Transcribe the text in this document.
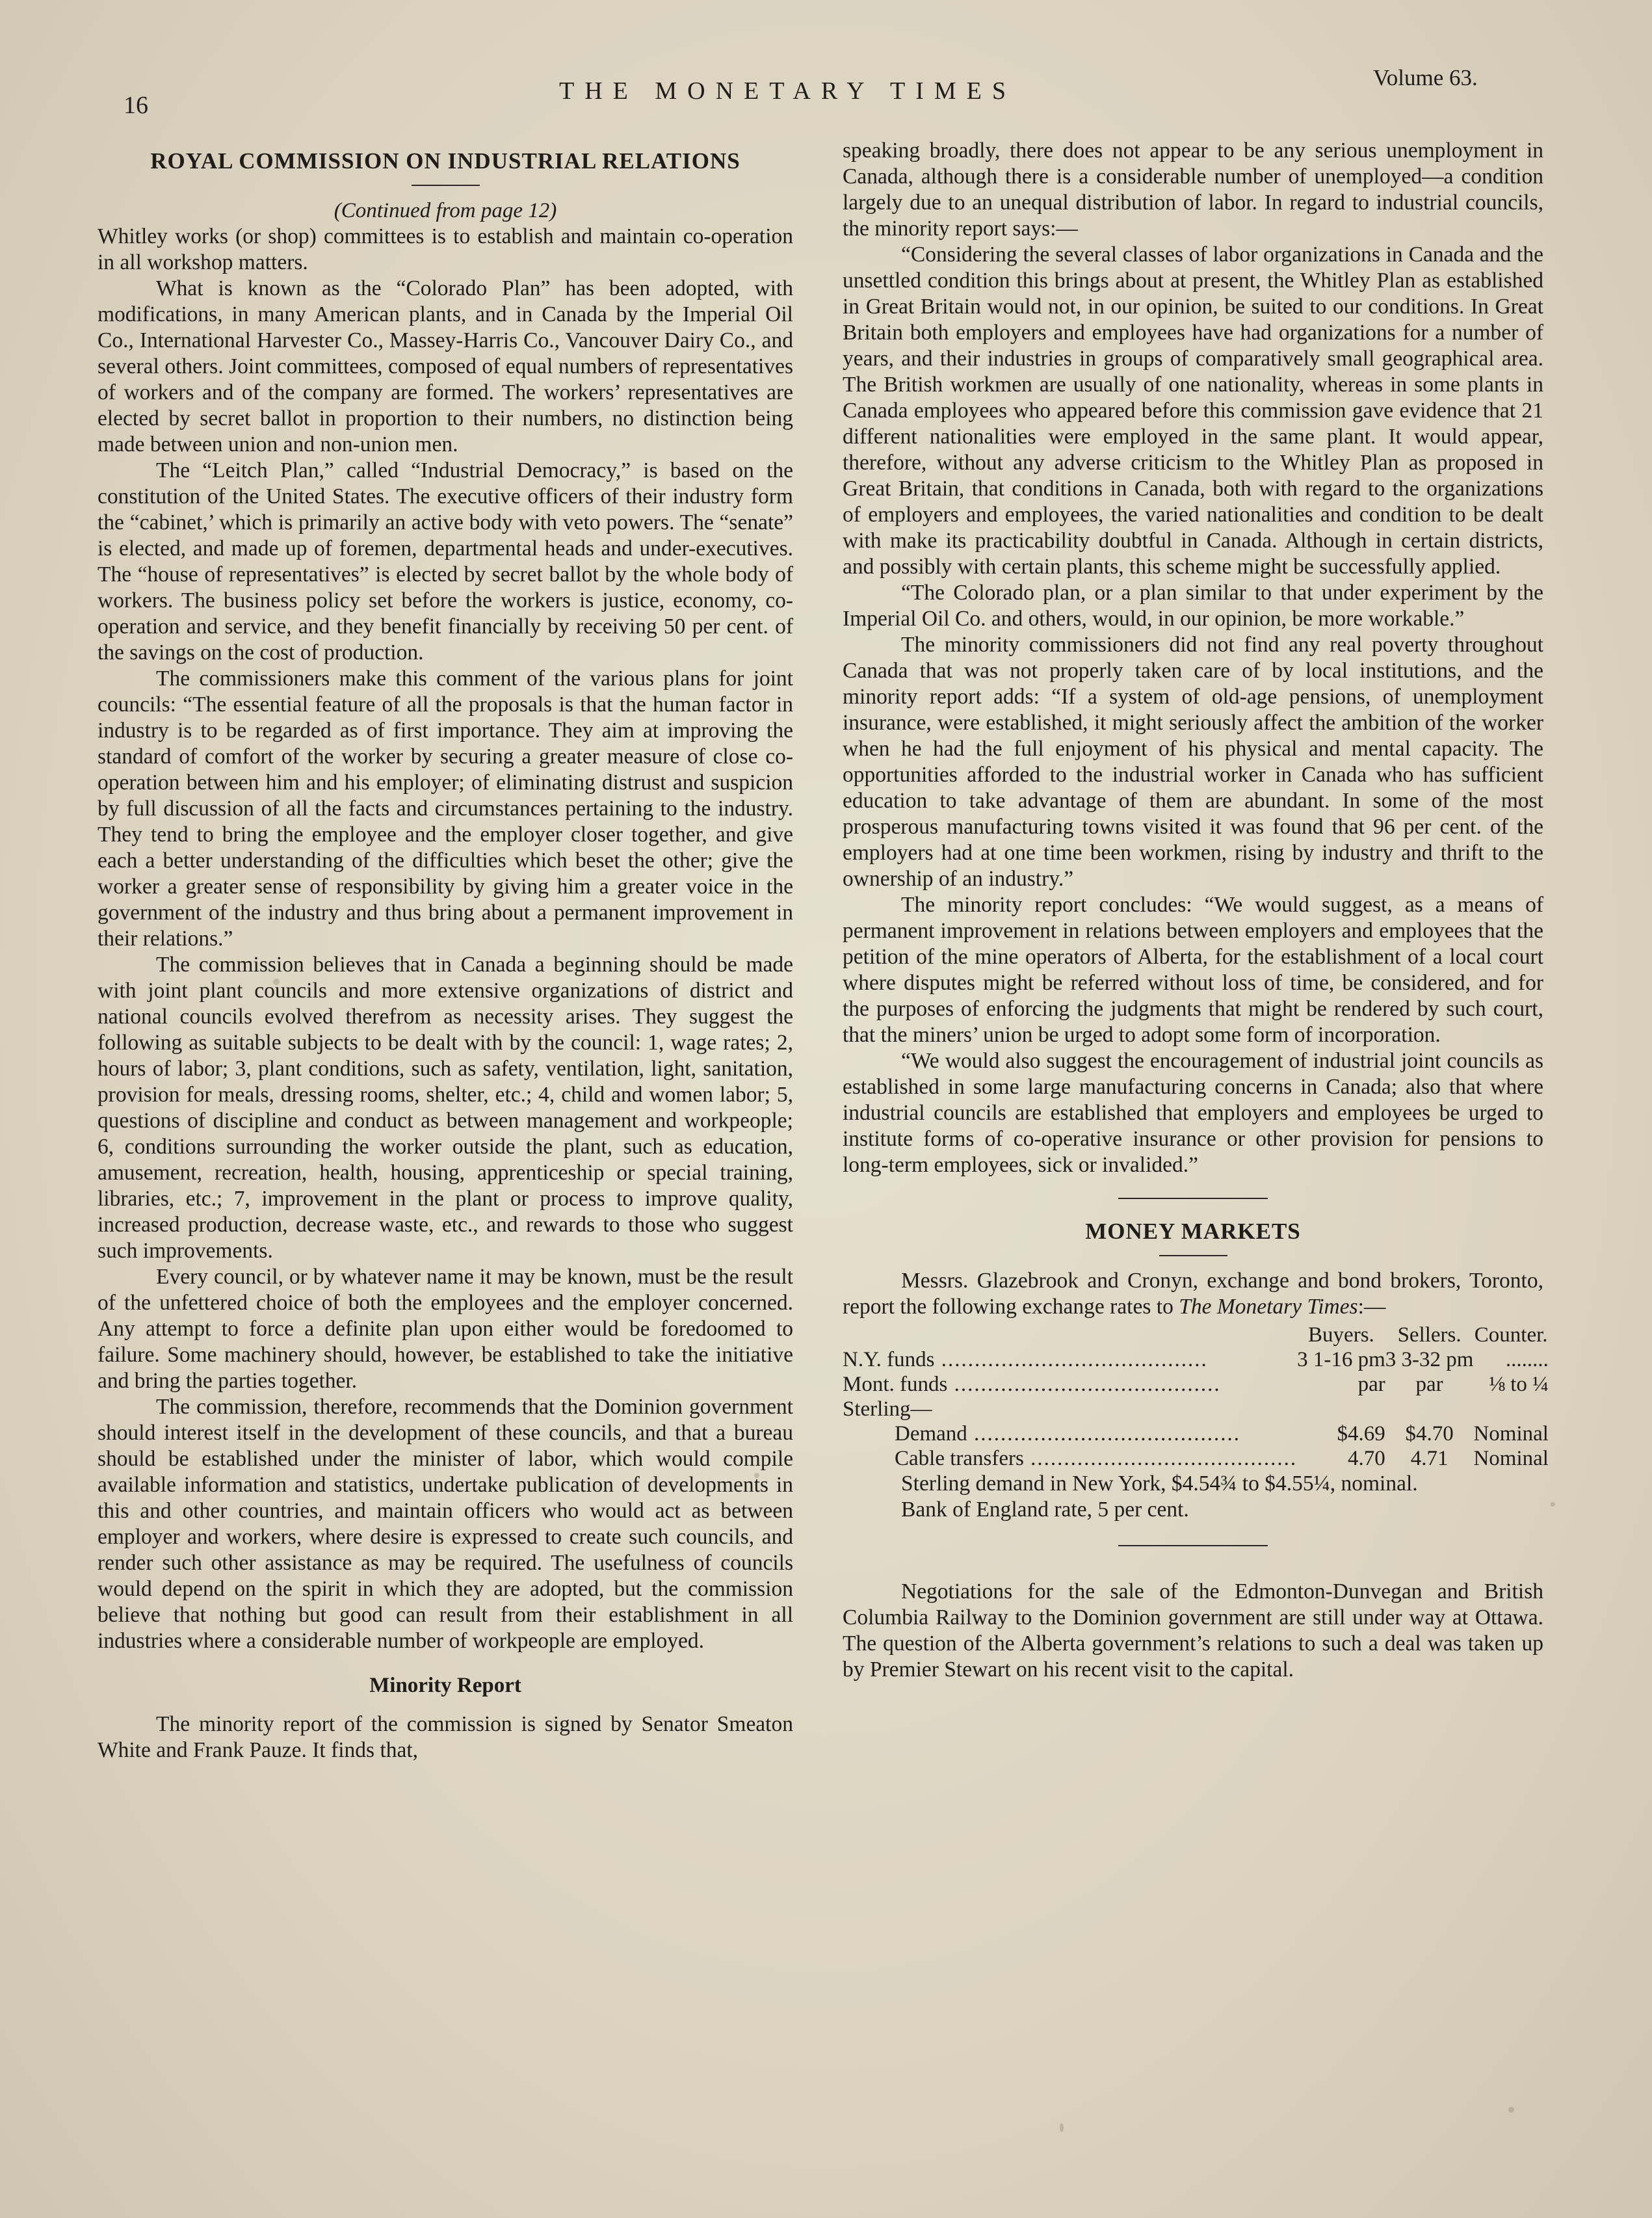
16
THE MONETARY TIMES	Volume 63.
ROYAL COMMISSION ON INDUSTRIAL RELATIONS

(Continued from page 12)

Whitley works (or shop) committees is to establish and maintain co-operation in all workshop matters.

What is known as the “Colorado Plan” has been adopted, with modifications, in many American plants, and in Canada by the Imperial Oil Co., International Harvester Co., Massey-Harris Co., Vancouver Dairy Co., and several others. Joint committees, composed of equal numbers of representatives of workers and of the company are formed. The workers’ representatives are elected by secret ballot in proportion to their numbers, no distinction being made between union and non-union men.

The “Leitch Plan,” called “Industrial Democracy,” is based on the constitution of the United States. The executive officers of their industry form the “cabinet,’ which is primarily an active body with veto powers. The “senate” is elected, and made up of foremen, departmental heads and under-executives. The “house of representatives” is elected by secret ballot by the whole body of workers. The business policy set before the workers is justice, economy, co-operation and service, and they benefit financially by receiving 50 per cent. of the savings on the cost of production.

The commissioners make this comment of the various plans for joint councils: “The essential feature of all the proposals is that the human factor in industry is to be regarded as of first importance. They aim at improving the standard of comfort of the worker by securing a greater measure of close co-operation between him and his employer; of eliminating distrust and suspicion by full discussion of all the facts and circumstances pertaining to the industry. They tend to bring the employee and the employer closer together, and give each a better understanding of the difficulties which beset the other; give the worker a greater sense of responsibility by giving him a greater voice in the government of the industry and thus bring about a permanent improvement in their relations.”

The commission believes that in Canada a beginning should be made with joint plant councils and more extensive organizations of district and national councils evolved therefrom as necessity arises. They suggest the following as suitable subjects to be dealt with by the council: 1, wage rates; 2, hours of labor; 3, plant conditions, such as safety, ventilation, light, sanitation, provision for meals, dressing rooms, shelter, etc.; 4, child and women labor; 5, questions of discipline and conduct as between management and workpeople; 6, conditions surrounding the worker outside the plant, such as education, amusement, recreation, health, housing, apprenticeship or special training, libraries, etc.; 7, improvement in the plant or process to improve quality, increased production, decrease waste, etc., and rewards to those who suggest such improvements.

Every council, or by whatever name it may be known, must be the result of the unfettered choice of both the employees and the employer concerned. Any attempt to force a definite plan upon either would be foredoomed to failure. Some machinery should, however, be established to take the initiative and bring the parties together.

The commission, therefore, recommends that the Dominion government should interest itself in the development of these councils, and that a bureau should be established under the minister of labor, which would compile available information and statistics, undertake publication of developments in this and other countries, and maintain officers who would act as between employer and workers, where desire is expressed to create such councils, and render such other assistance as may be required. The usefulness of councils would depend on the spirit in which they are adopted, but the commission believe that nothing but good can result from their establishment in all industries where a considerable number of workpeople are employed.

Minority Report

The minority report of the commission is signed by Senator Smeaton White and Frank Pauze. It finds that,

speaking broadly, there does not appear to be any serious unemployment in Canada, although there is a considerable number of unemployed—a condition largely due to an unequal distribution of labor. In regard to industrial councils, the minority report says:—

“Considering the several classes of labor organizations in Canada and the unsettled condition this brings about at present, the Whitley Plan as established in Great Britain would not, in our opinion, be suited to our conditions. In Great Britain both employers and employees have had organizations for a number of years, and their industries in groups of comparatively small geographical area. The British workmen are usually of one nationality, whereas in some plants in Canada employees who appeared before this commission gave evidence that 21 different nationalities were employed in the same plant. It would appear, therefore, without any adverse criticism to the Whitley Plan as proposed in Great Britain, that conditions in Canada, both with regard to the organizations of employers and employees, the varied nationalities and condition to be dealt with make its practicability doubtful in Canada. Although in certain districts, and possibly with certain plants, this scheme might be successfully applied.

“The Colorado plan, or a plan similar to that under experiment by the Imperial Oil Co. and others, would, in our opinion, be more workable.”

The minority commissioners did not find any real poverty throughout Canada that was not properly taken care of by local institutions, and the minority report adds: “If a system of old-age pensions, of unemployment insurance, were established, it might seriously affect the ambition of the worker when he had the full enjoyment of his physical and mental capacity. The opportunities afforded to the industrial worker in Canada who has sufficient education to take advantage of them are abundant. In some of the most prosperous manufacturing towns visited it was found that 96 per cent. of the employers had at one time been workmen, rising by industry and thrift to the ownership of an industry.”

The minority report concludes: “We would suggest, as a means of permanent improvement in relations between employers and employees that the petition of the mine operators of Alberta, for the establishment of a local court where disputes might be referred without loss of time, be considered, and for the purposes of enforcing the judgments that might be rendered by such court, that the miners’ union be urged to adopt some form of incorporation.

“We would also suggest the encouragement of industrial joint councils as established in some large manufacturing concerns in Canada; also that where industrial councils are established that employers and employees be urged to institute forms of co-operative insurance or other provision for pensions to long-term employees, sick or invalided.”

MONEY MARKETS

Messrs. Glazebrook and Cronyn, exchange and bond brokers, Toronto, report the following exchange rates to The Monetary Times:—

	Buyers.	Sellers.	Counter.

N.Y. funds .....	3 1-16 pm	3 3-32 pm	........

Mont. funds .....	par	par	⅛ to ¼
Sterling—			

Demand .....	$4.69	$4.70	Nominal

Cable transfers .....	4.70	4.71	Nominal

Sterling demand in New York, $4.54¾ to $4.55¼, nominal.

Bank of England rate, 5 per cent.

Negotiations for the sale of the Edmonton-Dunvegan and British Columbia Railway to the Dominion government are still under way at Ottawa. The question of the Alberta government’s relations to such a deal was taken up by Premier Stewart on his recent visit to the capital.
